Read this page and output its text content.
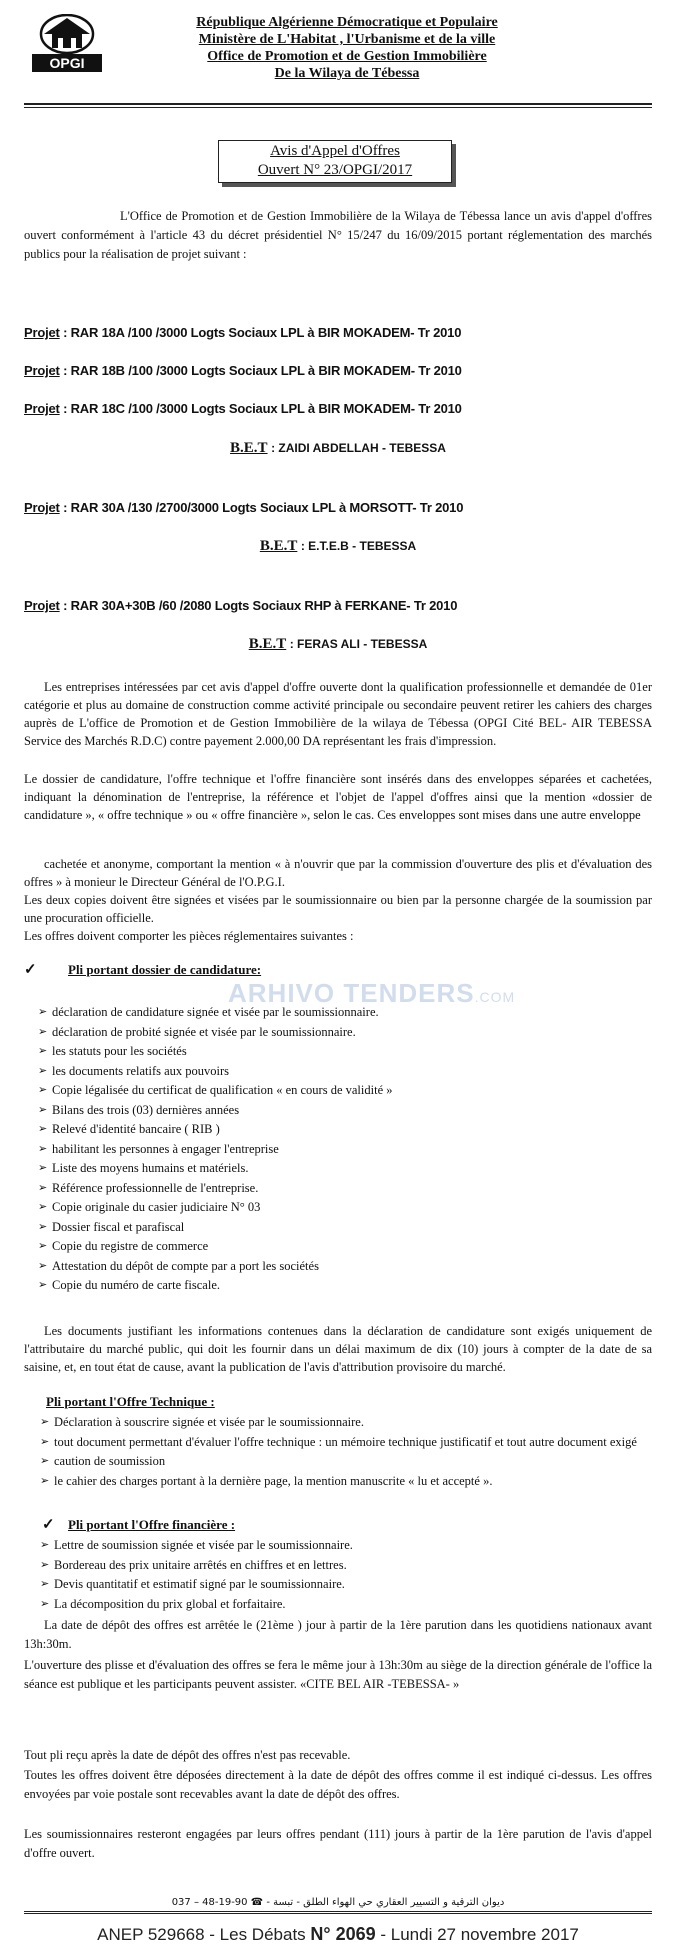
OPGI
République Algérienne Démocratique et Populaire
Ministère de L'Habitat , l'Urbanisme et de la ville
Office de Promotion et de Gestion Immobilière
De la Wilaya de Tébessa
Avis d'Appel d'Offres
Ouvert N° 23/OPGI/2017
L'Office de Promotion et de Gestion Immobilière de la Wilaya de Tébessa lance un avis d'appel d'offres ouvert conformément à l'article 43 du décret présidentiel N° 15/247 du 16/09/2015 portant réglementation des marchés publics pour la réalisation de projet suivant :
Projet : RAR 18A /100 /3000 Logts Sociaux LPL à BIR MOKADEM- Tr 2010
Projet : RAR 18B /100 /3000 Logts Sociaux LPL à BIR MOKADEM- Tr 2010
Projet : RAR 18C /100 /3000 Logts Sociaux LPL à BIR MOKADEM- Tr 2010
B.E.T : ZAIDI ABDELLAH - TEBESSA
Projet : RAR 30A /130 /2700/3000 Logts Sociaux LPL à MORSOTT- Tr 2010
B.E.T : E.T.E.B - TEBESSA
Projet : RAR 30A+30B /60 /2080 Logts Sociaux RHP à FERKANE- Tr 2010
B.E.T : FERAS ALI - TEBESSA
Les entreprises intéressées par cet avis d'appel d'offre ouverte dont la qualification professionnelle et demandée de 01er catégorie et plus au domaine de construction comme activité principale ou secondaire peuvent retirer les cahiers des charges auprès de L'office de Promotion et de Gestion Immobilière de la wilaya de Tébessa (OPGI Cité BEL- AIR TEBESSA Service des Marchés R.D.C) contre payement 2.000,00 DA représentant les frais d'impression.
Le dossier de candidature, l'offre technique et l'offre financière sont insérés dans des enveloppes séparées et cachetées, indiquant la dénomination de l'entreprise, la référence et l'objet de l'appel d'offres ainsi que la mention «dossier de candidature », « offre technique » ou « offre financière », selon le cas. Ces enveloppes sont mises dans une autre enveloppe
cachetée et anonyme, comportant la mention « à n'ouvrir que par la commission d'ouverture des plis et d'évaluation des offres » à monieur le Directeur Général de l'O.P.G.I.
Les deux copies doivent être signées et visées par le soumissionnaire ou bien par la personne chargée de la soumission par une procuration officielle.
Les offres doivent comporter les pièces réglementaires suivantes :
ARHIVO TENDERS.COM
✓ Pli portant dossier de candidature:
➢ déclaration de candidature signée et visée par le soumissionnaire.
➢ déclaration de probité signée et visée par le soumissionnaire.
➢ les statuts pour les sociétés
➢ les documents relatifs aux pouvoirs
➢ Copie légalisée du certificat de qualification « en cours de validité »
➢ Bilans des trois (03) dernières années
➢ Relevé d'identité bancaire ( RIB )
➢ habilitant les personnes à engager l'entreprise
➢ Liste des moyens humains et matériels.
➢ Référence professionnelle de l'entreprise.
➢ Copie originale du casier judiciaire N° 03
➢ Dossier fiscal et parafiscal
➢ Copie du registre de commerce
➢ Attestation du dépôt de compte par a port les sociétés
➢ Copie du numéro de carte fiscale.
Les documents justifiant les informations contenues dans la déclaration de candidature sont exigés uniquement de l'attributaire du marché public, qui doit les fournir dans un délai maximum de dix (10) jours à compter de la date de sa saisine, et, en tout état de cause, avant la publication de l'avis d'attribution provisoire du marché.
Pli portant l'Offre Technique :
➢ Déclaration à souscrire signée et visée par le soumissionnaire.
➢ tout document permettant d'évaluer l'offre technique : un mémoire technique justificatif et tout autre document exigé
➢ caution de soumission
➢ le cahier des charges portant à la dernière page, la mention manuscrite « lu et accepté ».
✓ Pli portant l'Offre financière :
➢ Lettre de soumission signée et visée par le soumissionnaire.
➢ Bordereau des prix unitaire arrêtés en chiffres et en lettres.
➢ Devis quantitatif et estimatif signé par le soumissionnaire.
➢ La décomposition du prix global et forfaitaire.
La date de dépôt des offres est arrêtée le (21ème ) jour à partir de la 1ère parution dans les quotidiens nationaux avant 13h:30m.
L'ouverture des plisse et d'évaluation des offres se fera le même jour à 13h:30m au siège de la direction générale de l'office la séance est publique et les participants peuvent assister. «CITE BEL AIR -TEBESSA- »
Tout pli reçu après la date de dépôt des offres n'est pas recevable.
Toutes les offres doivent être déposées directement à la date de dépôt des offres comme il est indiqué ci-dessus. Les offres envoyées par voie postale sont recevables avant la date de dépôt des offres.
Les soumissionnaires resteront engagées par leurs offres pendant (111) jours à partir de la 1ère parution de l'avis d'appel d'offre ouvert.
037 – 48-19-90 ☎ - ديوان الترقية و التسيير العقاري حي الهواء الطلق - تبسة
ANEP 529668 - Les Débats N° 2069 - Lundi 27 novembre 2017
